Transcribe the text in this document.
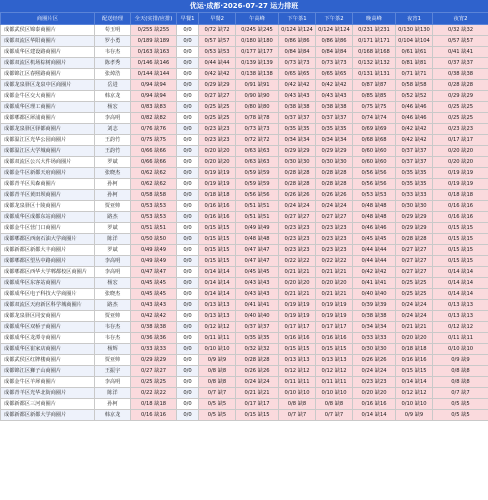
优运·成都·2026-07-27 运力排班
商圈片区	配送经理	全天(实排/应排)	早餐1	早餐2	午高峰	下午茶1	下午茶2	晚高峰	夜宵1	夜宵2
成都武侯区锦泰商圈片	苟玉明	0/255 缺255	0/0	0/72 缺72	0/245 缺245	0/124 缺124	0/124 缺124	0/231 缺231	0/130 缺130	0/32 缺32
成都双流区华阳商圈片	罗小勇	0/189 缺189	0/0	0/57 缺57	0/180 缺180	0/86 缺86	0/86 缺86	0/171 缺171	0/104 缺104	0/57 缺57
成都成华区建设路商圈片	韦存杰	0/163 缺163	0/0	0/53 缺53	0/177 缺177	0/84 缺84	0/84 缺84	0/168 缺168	0/61 缺61	0/41 缺41
成都双流区机场棕树商圈片	陈孝秀	0/146 缺146	0/0	0/44 缺44	0/139 缺139	0/73 缺73	0/73 缺73	0/132 缺132	0/81 缺81	0/37 缺37
成都锦江区春熙路商圈片	张焯浩	0/144 缺144	0/0	0/42 缺42	0/138 缺138	0/65 缺65	0/65 缺65	0/131 缺131	0/71 缺71	0/38 缺38
成都龙泉驿区龙泉中区商圈片	岳进	0/94 缺94	0/0	0/29 缺29	0/91 缺91	0/42 缺42	0/42 缺42	0/87 缺87	0/58 缺58	0/28 缺28
成都金牛区交大商圈片	韩京龙	0/94 缺94	0/0	0/27 缺27	0/90 缺90	0/43 缺43	0/43 缺43	0/85 缺85	0/52 缺52	0/29 缺29
成都成华区理工商圈片	杨宏	0/83 缺83	0/0	0/25 缺25	0/80 缺80	0/38 缺38	0/38 缺38	0/75 缺75	0/46 缺46	0/25 缺25
成都郫都区犀浦商圈片	李高明	0/82 缺82	0/0	0/25 缺25	0/78 缺78	0/37 缺37	0/37 缺37	0/74 缺74	0/46 缺46	0/25 缺25
成都龙泉驿区驿都商圈片	刘志	0/76 缺76	0/0	0/23 缺23	0/73 缺73	0/35 缺35	0/35 缺35	0/69 缺69	0/42 缺42	0/23 缺23
成都温江区光华公园商圈片	王韵竹	0/75 缺75	0/0	0/23 缺23	0/72 缺72	0/34 缺34	0/34 缺34	0/68 缺68	0/42 缺42	0/17 缺17
成都温江区大学城商圈片	王韵竹	0/66 缺66	0/0	0/20 缺20	0/63 缺63	0/29 缺29	0/29 缺29	0/60 缺60	0/37 缺37	0/20 缺20
成都双流区公兴大件场商圈片	罗斌	0/66 缺66	0/0	0/20 缺20	0/63 缺63	0/30 缺30	0/30 缺30	0/60 缺60	0/37 缺37	0/20 缺20
成都金牛区新都天府商圈片	张晓杰	0/62 缺62	0/0	0/19 缺19	0/59 缺59	0/28 缺28	0/28 缺28	0/56 缺56	0/35 缺35	0/19 缺19
成都青羊区贝森商圈片	孙柯	0/62 缺62	0/0	0/19 缺19	0/59 缺59	0/28 缺28	0/28 缺28	0/56 缺56	0/35 缺35	0/19 缺19
成都青羊区黄田坝商圈片	孙柯	0/58 缺58	0/0	0/18 缺18	0/56 缺56	0/26 缺26	0/26 缺26	0/53 缺53	0/33 缺33	0/18 缺18
成都龙泉驿区十陵商圈片	贾亚帅	0/53 缺53	0/0	0/16 缺16	0/51 缺51	0/24 缺24	0/24 缺24	0/48 缺48	0/30 缺30	0/16 缺16
成都成华区成都东站商圈片	路杰	0/53 缺53	0/0	0/16 缺16	0/51 缺51	0/27 缺27	0/27 缺27	0/48 缺48	0/29 缺29	0/16 缺16
成都金牛区营门口商圈片	罗斌	0/51 缺51	0/0	0/15 缺15	0/49 缺49	0/23 缺23	0/23 缺23	0/46 缺46	0/29 缺29	0/15 缺15
成都郫都区西南石油大学商圈片	陈洋	0/50 缺50	0/0	0/15 缺15	0/48 缺48	0/23 缺23	0/23 缺23	0/45 缺45	0/28 缺28	0/15 缺15
成都新都区新都大丰商圈片	罗斌	0/49 缺49	0/0	0/15 缺15	0/47 缺47	0/23 缺23	0/23 缺23	0/44 缺44	0/27 缺27	0/15 缺15
成都郫都区望丛中路商圈片	李高明	0/49 缺49	0/0	0/15 缺15	0/47 缺47	0/22 缺22	0/22 缺22	0/44 缺44	0/27 缺27	0/15 缺15
成都郫都区西华大学郫都校区商圈片	李高明	0/47 缺47	0/0	0/14 缺14	0/45 缺45	0/21 缺21	0/21 缺21	0/42 缺42	0/27 缺27	0/14 缺14
成都成华区东客站商圈片	杨宏	0/45 缺45	0/0	0/14 缺14	0/43 缺43	0/20 缺20	0/20 缺20	0/41 缺41	0/25 缺25	0/14 缺14
成都成华区电子科技大学商圈片	张晓杰	0/45 缺45	0/0	0/14 缺14	0/43 缺43	0/21 缺21	0/21 缺21	0/40 缺40	0/25 缺25	0/14 缺14
成都双流区天府新区科学城商圈片	路杰	0/43 缺43	0/0	0/13 缺13	0/41 缺41	0/19 缺19	0/19 缺19	0/39 缺39	0/24 缺24	0/13 缺13
成都龙泉驿区同安商圈片	贾亚帅	0/42 缺42	0/0	0/13 缺13	0/40 缺40	0/19 缺19	0/19 缺19	0/38 缺38	0/24 缺24	0/13 缺13
成都成华区双桥子商圈片	韦存杰	0/38 缺38	0/0	0/12 缺12	0/37 缺37	0/17 缺17	0/17 缺17	0/34 缺34	0/21 缺21	0/12 缺12
成都成华区龙潭寺商圈片	韦存杰	0/36 缺36	0/0	0/11 缺11	0/35 缺35	0/16 缺16	0/16 缺16	0/33 缺33	0/20 缺20	0/11 缺11
成都成华区崔家店商圈片	杨辉	0/33 缺33	0/0	0/10 缺10	0/32 缺32	0/15 缺15	0/15 缺15	0/30 缺30	0/18 缺18	0/10 缺10
成都武侯区红牌楼商圈片	贾亚帅	0/29 缺29	0/0	0/9 缺9	0/28 缺28	0/13 缺13	0/13 缺13	0/26 缺26	0/16 缺16	0/9 缺9
成都锦江区狮子山商圈片	王振宇	0/27 缺27	0/0	0/8 缺8	0/26 缺26	0/12 缺12	0/12 缺12	0/24 缺24	0/15 缺15	0/8 缺8
成都金牛区羊犀商圈片	李高明	0/25 缺25	0/0	0/8 缺8	0/24 缺24	0/11 缺11	0/11 缺11	0/23 缺23	0/14 缺14	0/8 缺8
成都青羊区光华北街商圈片	陈洋	0/22 缺22	0/0	0/7 缺7	0/21 缺21	0/10 缺10	0/10 缺10	0/20 缺20	0/12 缺12	0/7 缺7
成都新都区三河商圈片	孙柯	0/18 缺18	0/0	0/5 缺5	0/17 缺17	0/8 缺8	0/8 缺8	0/16 缺16	0/10 缺10	0/5 缺5
成都新都区新都大学商圈片	韩京龙	0/16 缺16	0/0	0/5 缺5	0/15 缺15	0/7 缺7	0/7 缺7	0/14 缺14	0/9 缺9	0/5 缺5
